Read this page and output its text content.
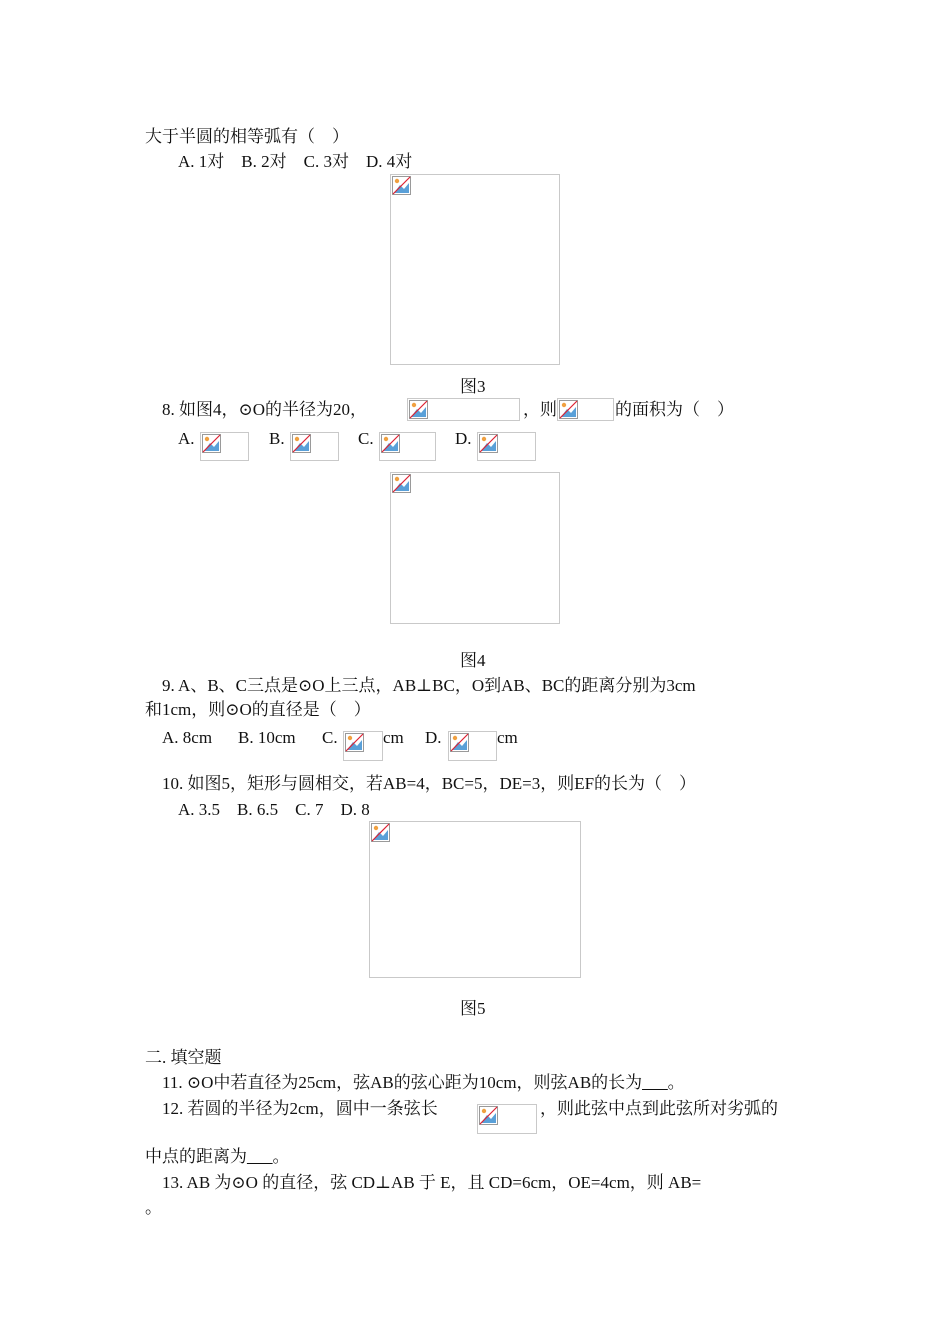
大于半圆的相等弧有（　）
A. 1对　B. 2对　C. 3对　D. 4对
图3
8. 如图4，⊙O的半径为20，	，则	的面积为（　）
A.	B.	C.	D.
图4
9. A、B、C三点是⊙O上三点，AB⊥BC，O到AB、BC的距离分别为3cm
和1cm，则⊙O的直径是（　）
A. 8cm B. 10cm C.	cm D.	cm
10. 如图5，矩形与圆相交，若AB=4，BC=5，DE=3，则EF的长为（　）
A. 3.5　B. 6.5　C. 7　D. 8
图5
二. 填空题
11. ⊙O中若直径为25cm，弦AB的弦心距为10cm，则弦AB的长为___。
12. 若圆的半径为2cm，圆中一条弦长	，则此弦中点到此弦所对劣弧的
中点的距离为___。
13. AB 为⊙O 的直径，弦 CD⊥AB 于 E，且 CD=6cm，OE=4cm，则 AB=
。
